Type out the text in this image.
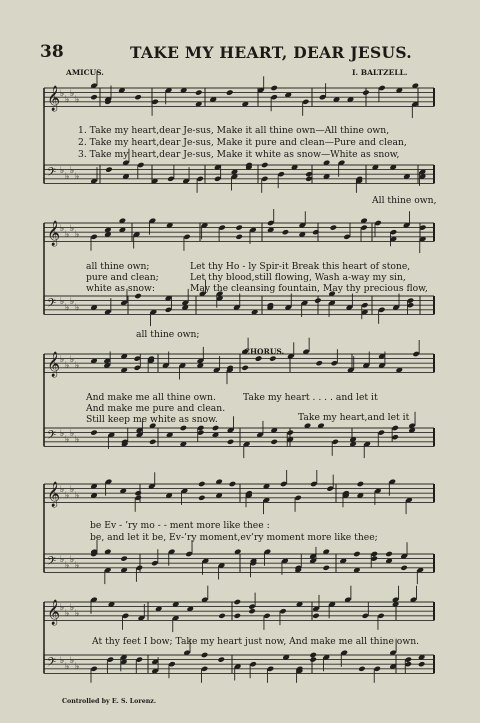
𝄞 ♭
♭
♭
♭
𝄢 ♭
♭
♭
♭
𝄞 ♭
♭
♭
♭
𝄢 ♭
♭
♭
♭
𝄞 ♭
♭
♭
♭
𝄢 ♭
♭
♭
♭
𝄞 ♭
♭
♭
♭
𝄢 ♭
♭
♭
♭
𝄞 ♭
♭
♭
♭
𝄢 ♭
♭
♭
♭
38	TAKE MY HEART, DEAR JESUS.
AMICUS.	I. BALTZELL.
1. Take my heart,dear Je-sus, Make it all thine own—All thine own,
2. Take my heart,dear Je-sus, Make it pure and clean—Pure and clean,
3. Take my heart,dear Je-sus, Make it white as snow—White as snow,
All thine own,
all thine own;	Let thy Ho - ly Spir-it Break this heart of stone,
pure and clean;	Let thy blood,still flowing, Wash a-way my sin,
white as snow:	May the cleansing fountain, May thy precious flow,
all thine own;
CHORUS.
And make me all thine own.
And make me pure and clean.
Still keep me white as snow.
Take my heart . . . . and let it
Take my heart,and let it
be Ev - ’ry mo - - ment more like thee :
be, and let it be, Ev-’ry moment,ev’ry moment more like thee;
At thy feet I bow; Take my heart just now, And make me all thine own.
Controlled by E. S. Lorenz.
